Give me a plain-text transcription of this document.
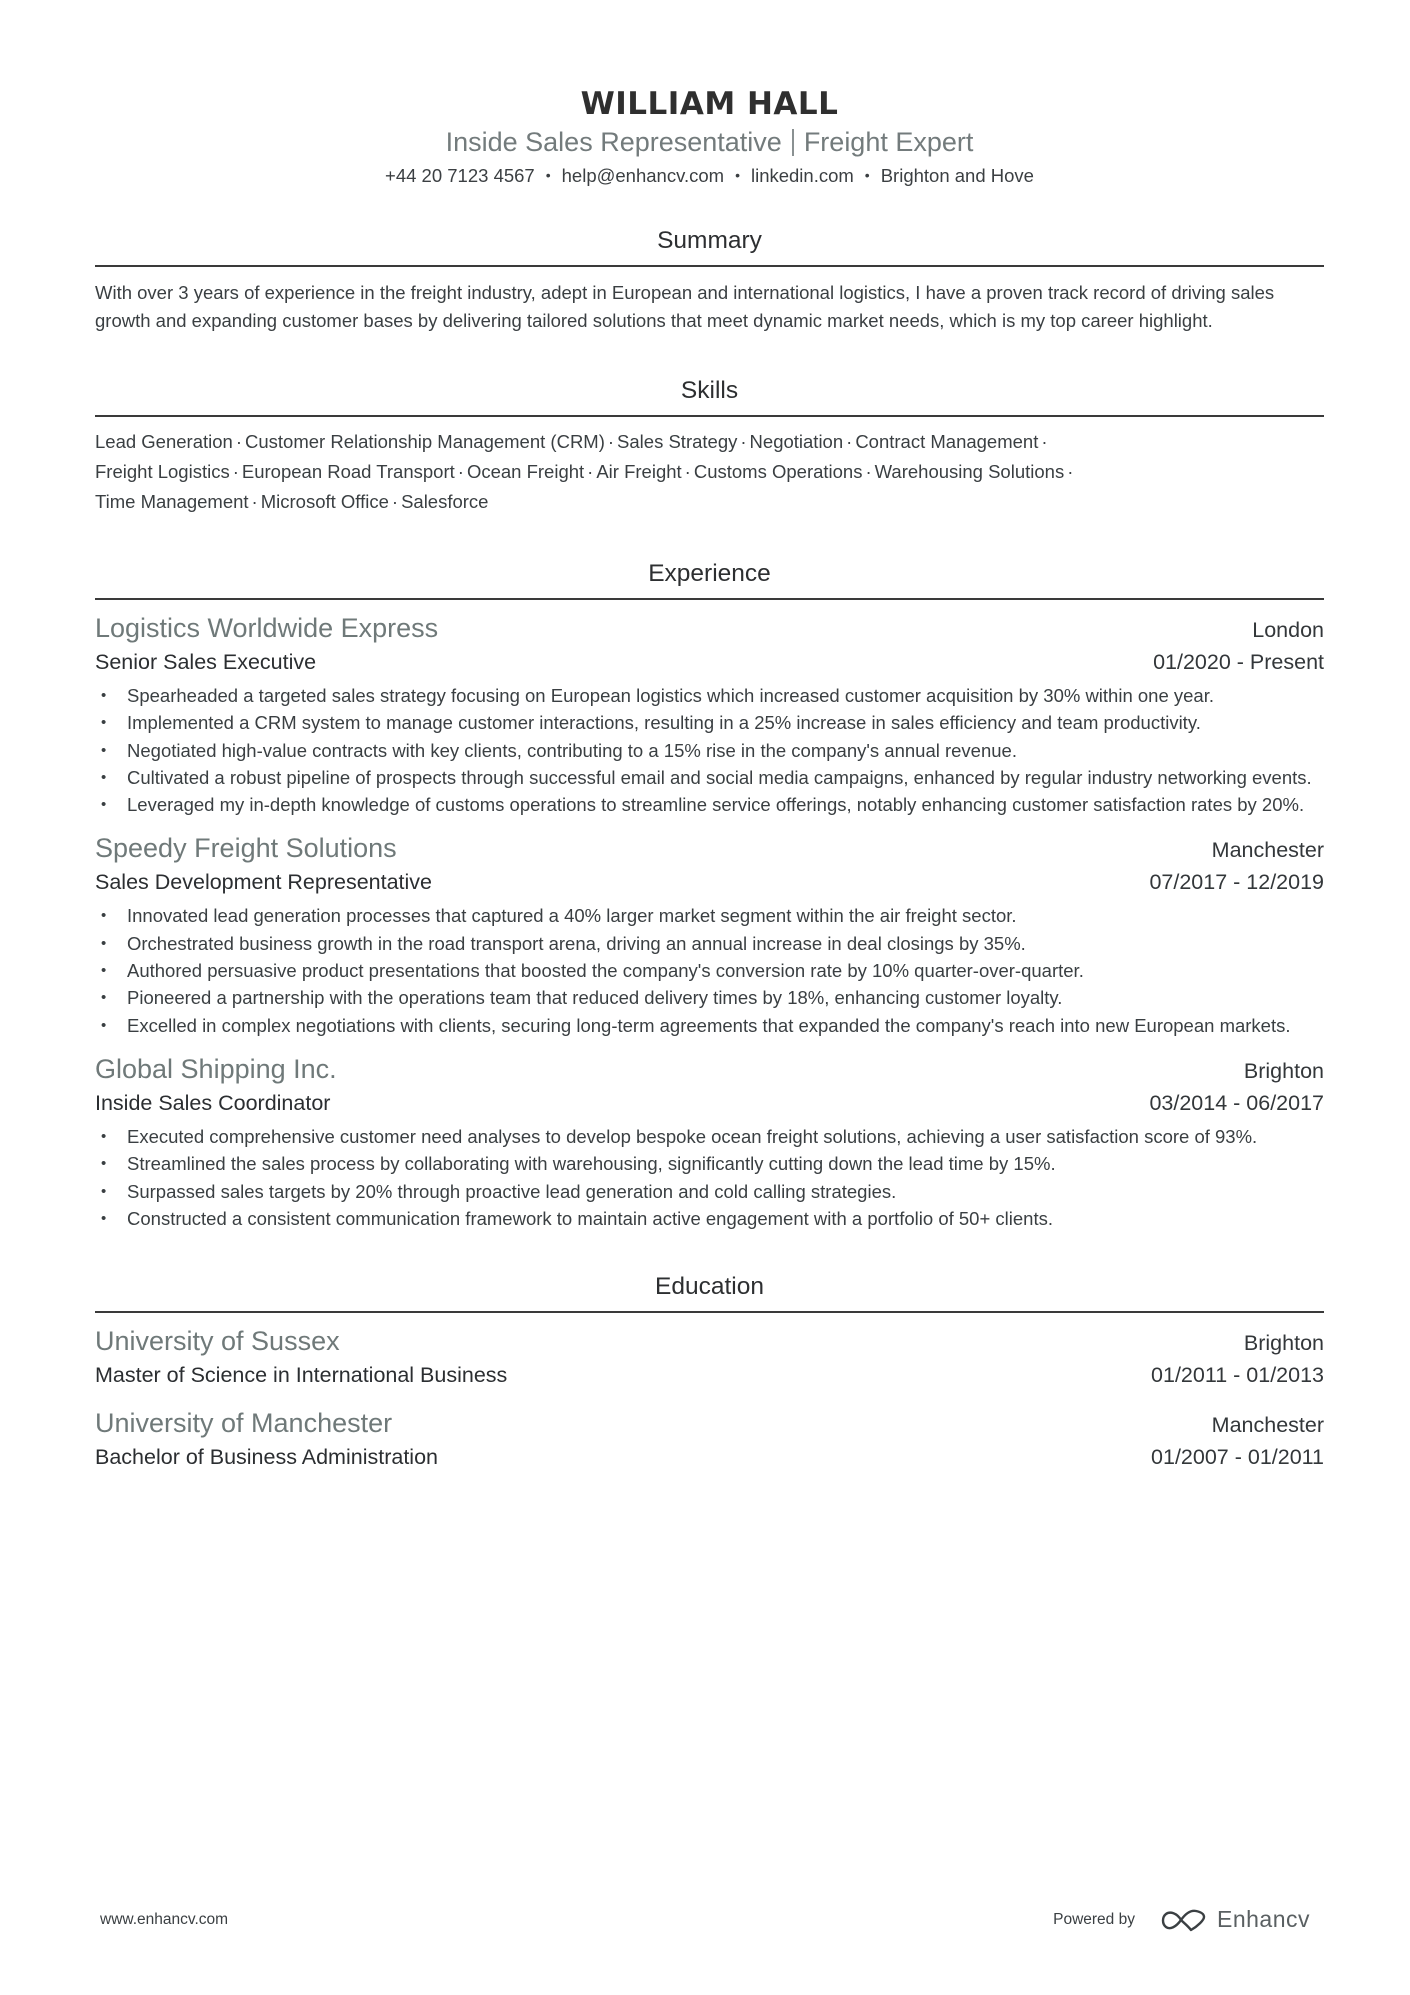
WILLIAM HALL
Inside Sales Representative Freight Expert
+44 20 7123 4567 • help@enhancv.com • linkedin.com • Brighton and Hove
Summary
With over 3 years of experience in the freight industry, adept in European and international logistics, I have a proven track record of driving sales growth and expanding customer bases by delivering tailored solutions that meet dynamic market needs, which is my top career highlight.
Skills
Lead Generation · Customer Relationship Management (CRM) · Sales Strategy · Negotiation · Contract Management ·
Freight Logistics · European Road Transport · Ocean Freight · Air Freight · Customs Operations · Warehousing Solutions ·
Time Management · Microsoft Office · Salesforce
Experience
Logistics Worldwide Express	London
Senior Sales Executive	01/2020 - Present
• Spearheaded a targeted sales strategy focusing on European logistics which increased customer acquisition by 30% within one year.
• Implemented a CRM system to manage customer interactions, resulting in a 25% increase in sales efficiency and team productivity.
• Negotiated high-value contracts with key clients, contributing to a 15% rise in the company's annual revenue.
• Cultivated a robust pipeline of prospects through successful email and social media campaigns, enhanced by regular industry networking events.
• Leveraged my in-depth knowledge of customs operations to streamline service offerings, notably enhancing customer satisfaction rates by 20%.
Speedy Freight Solutions	Manchester
Sales Development Representative	07/2017 - 12/2019
• Innovated lead generation processes that captured a 40% larger market segment within the air freight sector.
• Orchestrated business growth in the road transport arena, driving an annual increase in deal closings by 35%.
• Authored persuasive product presentations that boosted the company's conversion rate by 10% quarter-over-quarter.
• Pioneered a partnership with the operations team that reduced delivery times by 18%, enhancing customer loyalty.
• Excelled in complex negotiations with clients, securing long-term agreements that expanded the company's reach into new European markets.
Global Shipping Inc.	Brighton
Inside Sales Coordinator	03/2014 - 06/2017
• Executed comprehensive customer need analyses to develop bespoke ocean freight solutions, achieving a user satisfaction score of 93%.
• Streamlined the sales process by collaborating with warehousing, significantly cutting down the lead time by 15%.
• Surpassed sales targets by 20% through proactive lead generation and cold calling strategies.
• Constructed a consistent communication framework to maintain active engagement with a portfolio of 50+ clients.
Education
University of Sussex	Brighton
Master of Science in International Business	01/2011 - 01/2013
University of Manchester	Manchester
Bachelor of Business Administration	01/2007 - 01/2011
www.enhancv.com	Powered by	Enhancv
